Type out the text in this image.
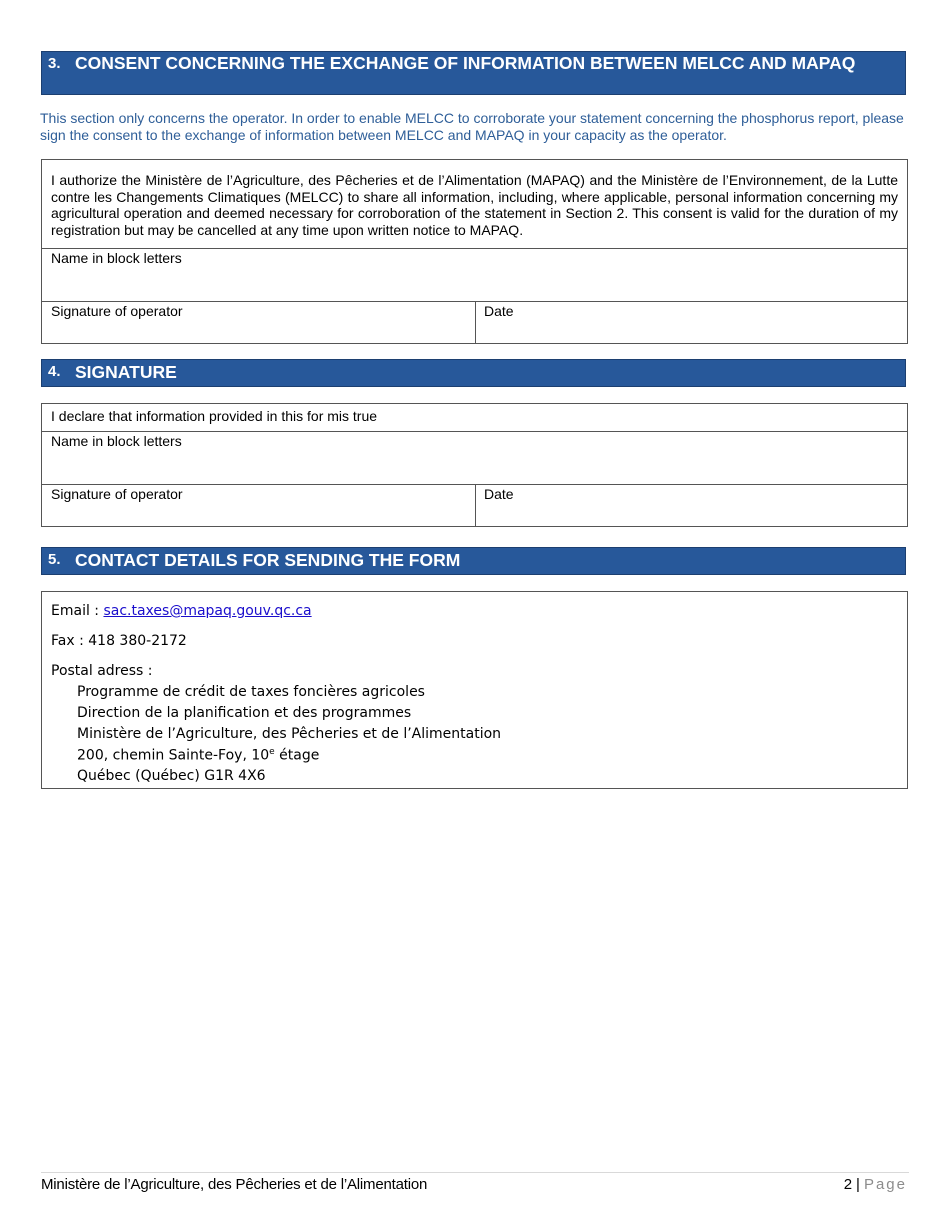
3. CONSENT CONCERNING THE EXCHANGE OF INFORMATION BETWEEN MELCC AND MAPAQ
This section only concerns the operator. In order to enable MELCC to corroborate your statement concerning the phosphorus report, please sign the consent to the exchange of information between MELCC and MAPAQ in your capacity as the operator.
I authorize the Ministère de l’Agriculture, des Pêcheries et de l’Alimentation (MAPAQ) and the Ministère de l’Environnement, de la Lutte contre les Changements Climatiques (MELCC) to share all information, including, where applicable, personal information concerning my agricultural operation and deemed necessary for corroboration of the statement in Section 2. This consent is valid for the duration of my registration but may be cancelled at any time upon written notice to MAPAQ.
Name in block letters
Signature of operator	Date
4. SIGNATURE
I declare that information provided in this for mis true
Name in block letters
Signature of operator	Date
5. CONTACT DETAILS FOR SENDING THE FORM
Email : sac.taxes@mapaq.gouv.qc.ca
Fax : 418 380-2172
Postal adress :
Programme de crédit de taxes foncières agricoles
Direction de la planification et des programmes
Ministère de l’Agriculture, des Pêcheries et de l’Alimentation
200, chemin Sainte-Foy, 10e étage
Québec (Québec) G1R 4X6
Ministère de l’Agriculture, des Pêcheries et de l’Alimentation	2 | Page
